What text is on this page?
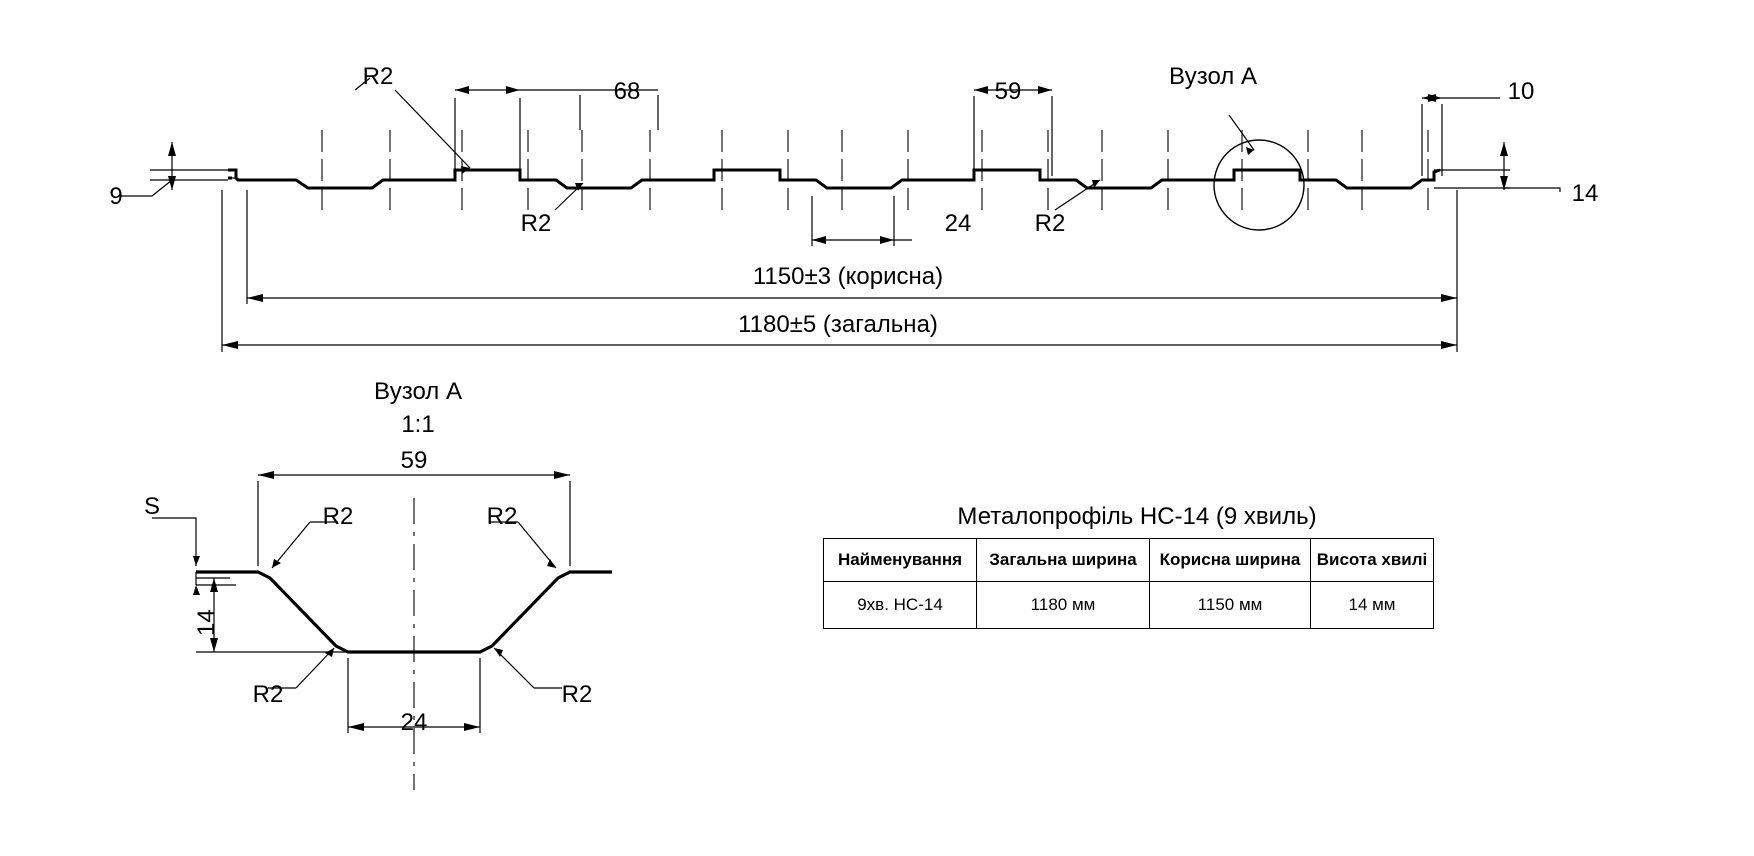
R2
68	59
Вузол A
10
9
R2	24	R2
14
1150±3 (корисна)
1180±5 (загальна)
Вузол A
1:1
59
S	R2	R2
14
R2	R2
24
Металопрофіль НС-14 (9 хвиль)
Найменування	Загальна ширина	Корисна ширина	Висота хвилі
9хв. НС-14	1180 мм	1150 мм	14 мм
